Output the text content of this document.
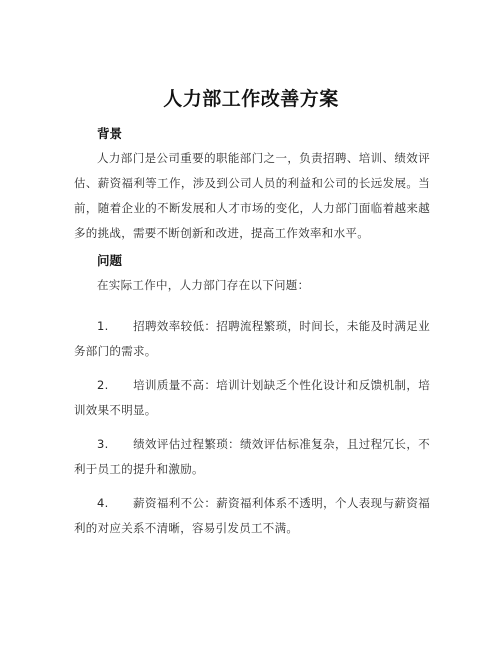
人力部工作改善方案
背景
人力部门是公司重要的职能部门之一，负责招聘、培训、绩效评估、薪资福利等工作，涉及到公司人员的利益和公司的长远发展。当前，随着企业的不断发展和人才市场的变化，人力部门面临着越来越多的挑战，需要不断创新和改进，提高工作效率和水平。
问题
在实际工作中，人力部门存在以下问题：
1. 招聘效率较低：招聘流程繁琐，时间长，未能及时满足业务部门的需求。
2. 培训质量不高：培训计划缺乏个性化设计和反馈机制，培训效果不明显。
3. 绩效评估过程繁琐：绩效评估标准复杂，且过程冗长，不利于员工的提升和激励。
4. 薪资福利不公：薪资福利体系不透明，个人表现与薪资福利的对应关系不清晰，容易引发员工不满。
